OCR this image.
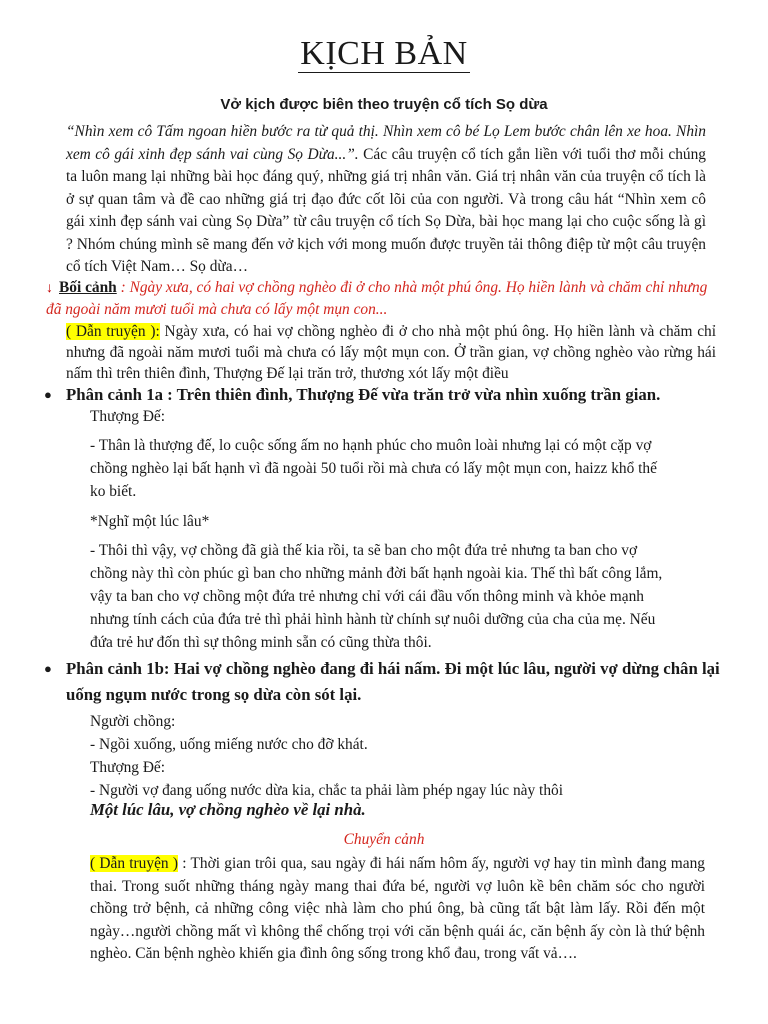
KỊCH BẢN
Vở kịch được biên theo truyện cổ tích Sọ dừa
“Nhìn xem cô Tấm ngoan hiền bước ra từ quả thị. Nhìn xem cô bé Lọ Lem bước chân lên xe hoa. Nhìn xem cô gái xinh đẹp sánh vai cùng Sọ Dừa...”. Các câu truyện cổ tích gắn liền với tuổi thơ mỗi chúng ta luôn mang lại những bài học đáng quý, những giá trị nhân văn. Giá trị nhân văn của truyện cổ tích là ở sự quan tâm và đề cao những giá trị đạo đức cốt lõi của con người. Và trong câu hát “Nhìn xem cô gái xinh đẹp sánh vai cùng Sọ Dừa” từ câu truyện cổ tích Sọ Dừa, bài học mang lại cho cuộc sống là gì ? Nhóm chúng mình sẽ mang đến vở kịch với mong muốn được truyền tải thông điệp từ một câu truyện cổ tích Việt Nam… Sọ dừa…
↓ Bối cảnh : Ngày xưa, có hai vợ chồng nghèo đi ở cho nhà một phú ông. Họ hiền lành và chăm chỉ nhưng đã ngoài năm mươi tuổi mà chưa có lấy một mụn con...
( Dẫn truyện ): Ngày xưa, có hai vợ chồng nghèo đi ở cho nhà một phú ông. Họ hiền lành và chăm chỉ nhưng đã ngoài năm mươi tuổi mà chưa có lấy một mụn con. Ở trần gian, vợ chồng nghèo vào rừng hái nấm thì trên thiên đình, Thượng Đế lại trăn trở, thương xót lấy một điều
● Phân cảnh 1a : Trên thiên đình, Thượng Đế vừa trăn trở vừa nhìn xuống trần gian.
Thượng Đế:
- Thân là thượng đế, lo cuộc sống ấm no hạnh phúc cho muôn loài nhưng lại có một cặp vợ chồng nghèo lại bất hạnh vì đã ngoài 50 tuổi rồi mà chưa có lấy một mụn con, haizz khổ thế ko biết.
*Nghĩ một lúc lâu*
- Thôi thì vậy, vợ chồng đã già thế kia rồi, ta sẽ ban cho một đứa trẻ nhưng ta ban cho vợ chồng này thì còn phúc gì ban cho những mảnh đời bất hạnh ngoài kia. Thế thì bất công lắm, vậy ta ban cho vợ chồng một đứa trẻ nhưng chỉ với cái đầu vốn thông minh và khỏe mạnh nhưng tính cách của đứa trẻ thì phải hình hành từ chính sự nuôi dưỡng của cha của mẹ. Nếu đứa trẻ hư đốn thì sự thông minh sẵn có cũng thừa thôi.
● Phân cảnh 1b: Hai vợ chồng nghèo đang đi hái nấm. Đi một lúc lâu, người vợ dừng chân lại uống ngụm nước trong sọ dừa còn sót lại.
Người chồng:
- Ngồi xuống, uống miếng nước cho đỡ khát.
Thượng Đế:
- Người vợ đang uống nước dừa kia, chắc ta phải làm phép ngay lúc này thôi
Một lúc lâu, vợ chồng nghèo về lại nhà.
Chuyển cảnh
( Dẫn truyện ) : Thời gian trôi qua, sau ngày đi hái nấm hôm ấy, người vợ hay tin mình đang mang thai. Trong suốt những tháng ngày mang thai đứa bé, người vợ luôn kề bên chăm sóc cho người chồng trở bệnh, cả những công việc nhà làm cho phú ông, bà cũng tất bật làm lấy. Rồi đến một ngày…người chồng mất vì không thể chống trọi với căn bệnh quái ác, căn bệnh ấy còn là thứ bệnh nghèo. Căn bệnh nghèo khiến gia đình ông sống trong khổ đau, trong vất vả….
